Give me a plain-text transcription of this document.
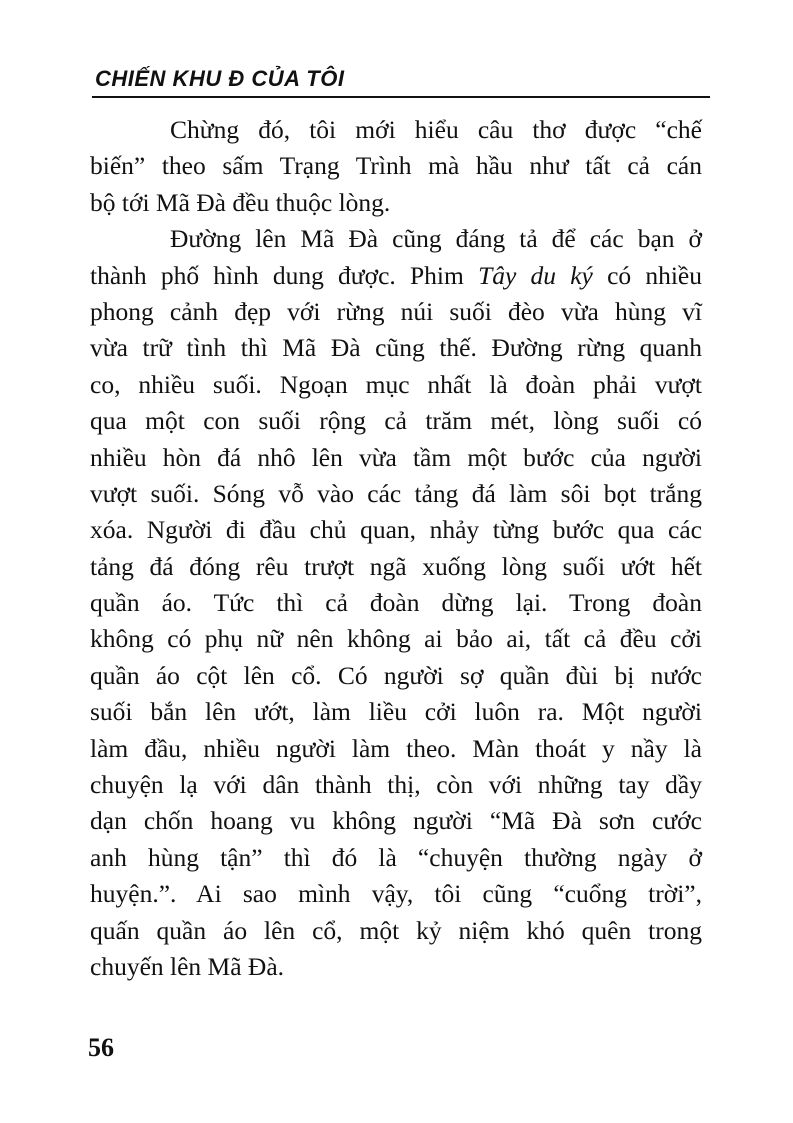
CHIẾN KHU Đ CỦA TÔI
Chừng đó, tôi mới hiểu câu thơ được “chế
biến” theo sấm Trạng Trình mà hầu như tất cả cán
bộ tới Mã Đà đều thuộc lòng.
Đường lên Mã Đà cũng đáng tả để các bạn ở
thành phố hình dung được. Phim Tây du ký có nhiều
phong cảnh đẹp với rừng núi suối đèo vừa hùng vĩ
vừa trữ tình thì Mã Đà cũng thế. Đường rừng quanh
co, nhiều suối. Ngoạn mục nhất là đoàn phải vượt
qua một con suối rộng cả trăm mét, lòng suối có
nhiều hòn đá nhô lên vừa tầm một bước của người
vượt suối. Sóng vỗ vào các tảng đá làm sôi bọt trắng
xóa. Người đi đầu chủ quan, nhảy từng bước qua các
tảng đá đóng rêu trượt ngã xuống lòng suối ướt hết
quần áo. Tức thì cả đoàn dừng lại. Trong đoàn
không có phụ nữ nên không ai bảo ai, tất cả đều cởi
quần áo cột lên cổ. Có người sợ quần đùi bị nước
suối bắn lên ướt, làm liều cởi luôn ra. Một người
làm đầu, nhiều người làm theo. Màn thoát y nầy là
chuyện lạ với dân thành thị, còn với những tay dầy
dạn chốn hoang vu không người “Mã Đà sơn cước
anh hùng tận” thì đó là “chuyện thường ngày ở
huyện.”. Ai sao mình vậy, tôi cũng “cuổng trời”,
quấn quần áo lên cổ, một kỷ niệm khó quên trong
chuyến lên Mã Đà.
56
